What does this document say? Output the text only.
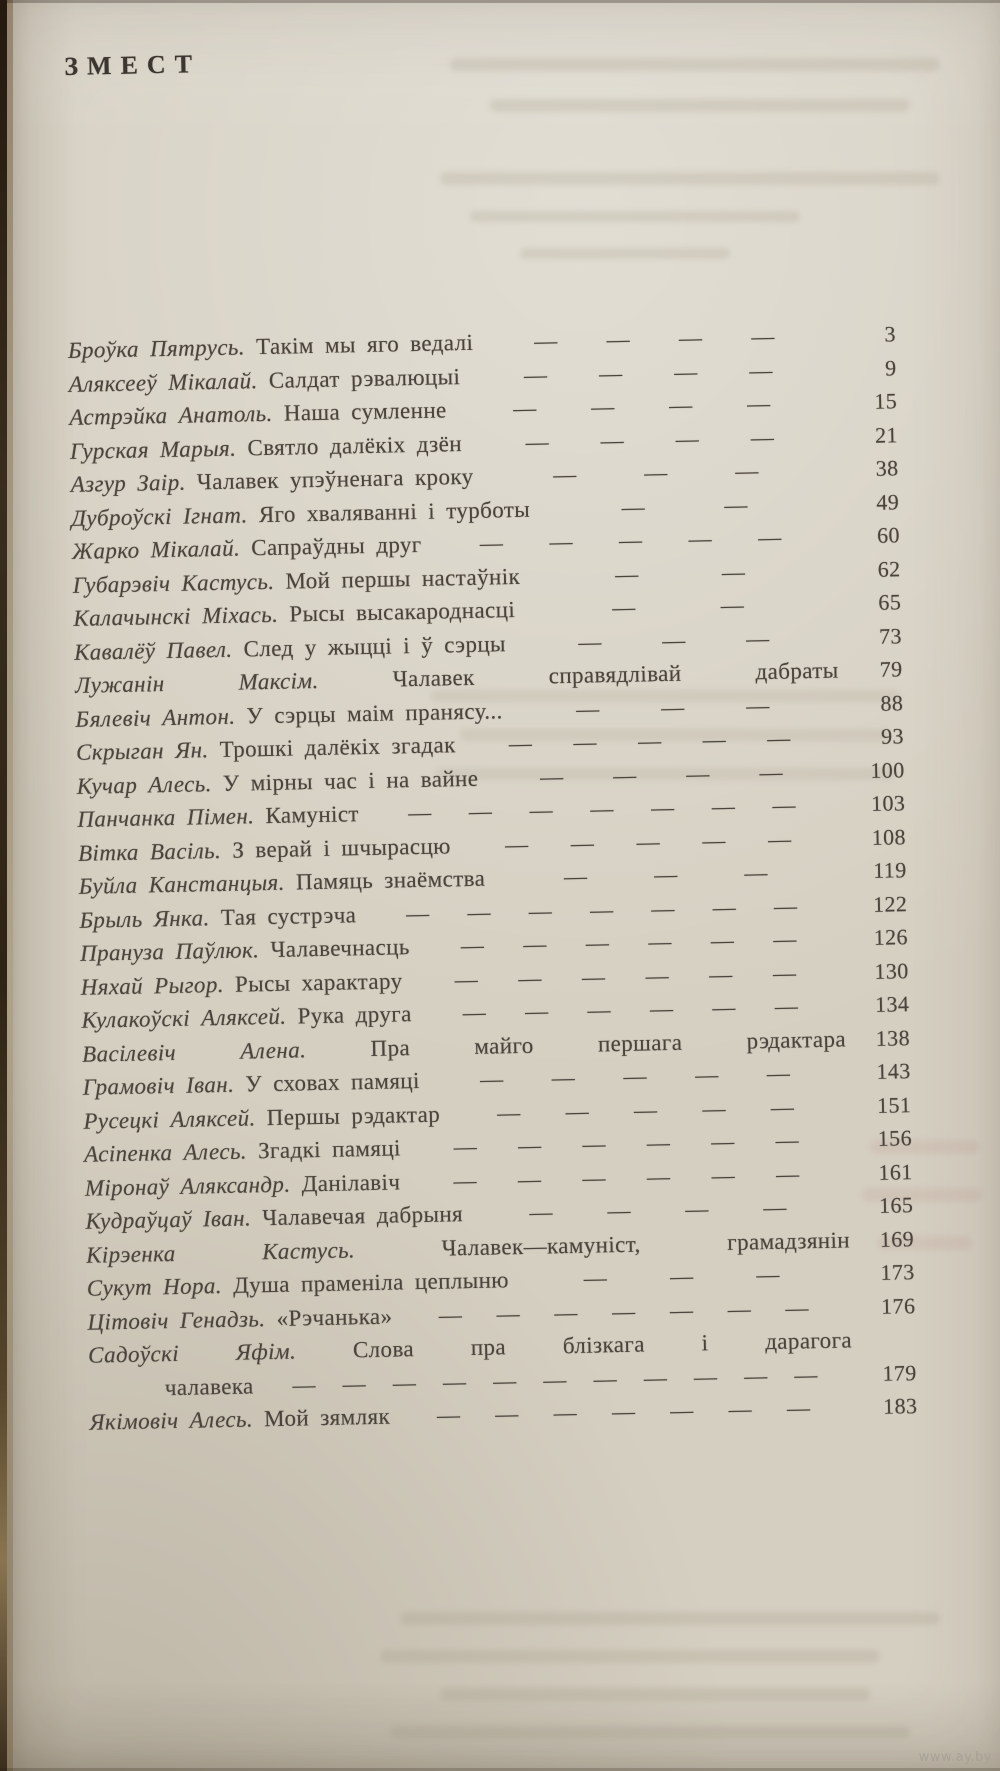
ЗМЕСТ
Броўка Пятрусь. Такім мы яго ведалі	— — — —	3
Аляксееў Мікалай. Салдат рэвалюцыі	— — — —	9
Астрэйка Анатоль. Наша сумленне	— — — —	15
Гурская Марыя. Святло далёкіх дзён	— — — —	21
Азгур Заір. Чалавек упэўненага кроку	—	—	—	38
Дуброўскі Ігнат. Яго хваляванні і турботы	—	—	49
Жарко Мікалай. Сапраўдны друг	— — — — —	60
Губарэвіч Кастусь. Мой першы настаўнік	—	—	62
Калачынскі Міхась. Рысы высакароднасці	—	—	65
Кавалёў Павел. След у жыцці і ў сэрцы	—	—	—	73
Лужанін Максім. Чалавек справядлівай дабраты	79
Бялевіч Антон. У сэрцы маім пранясу...	—	—	—	88
Скрыган Ян. Трошкі далёкіх згадак — — — — —	93
Кучар Алесь. У мірны час і на вайне	— — — —	100
Панчанка Пімен. Камуніст — — — — — — —	103
Вітка Васіль. З верай і шчырасцю — — — — —	108
Буйла Канстанцыя. Памяць знаёмства	—	—	—	119
Брыль Янка. Тая сустрэча — — — — — — —	122
Прануза Паўлюк. Чалавечнасць — — — — — —	126
Няхай Рыгор. Рысы характару — — — — — —	130
Кулакоўскі Аляксей. Рука друга — — — — — —	134
Васілевіч Алена. Пра майго першага рэдактара	138
Грамовіч Іван. У сховах памяці	— — — — —	143
Русецкі Аляксей. Першы рэдактар — — — — —	151
Асіпенка Алесь. Згадкі памяці — — — — — —	156
Міронаў Аляксандр. Данілавіч — — — — — —	161
Кудраўцаў Іван. Чалавечая дабрыня	— — — —	165
Кірэенка Кастусь. Чалавек—камуніст, грамадзянін	169
Сукут Нора. Душа праменіла цеплыню	—	—	—	173
Цітовіч Генадзь. «Рэчанька» — — — — — — —	176
Садоўскі Яфім. Слова пра блізкага і дарагога
чалавека — — — — — — — — — — —	179
Якімовіч Алесь. Мой зямляк — — — — — — —	183
www.ay.by
